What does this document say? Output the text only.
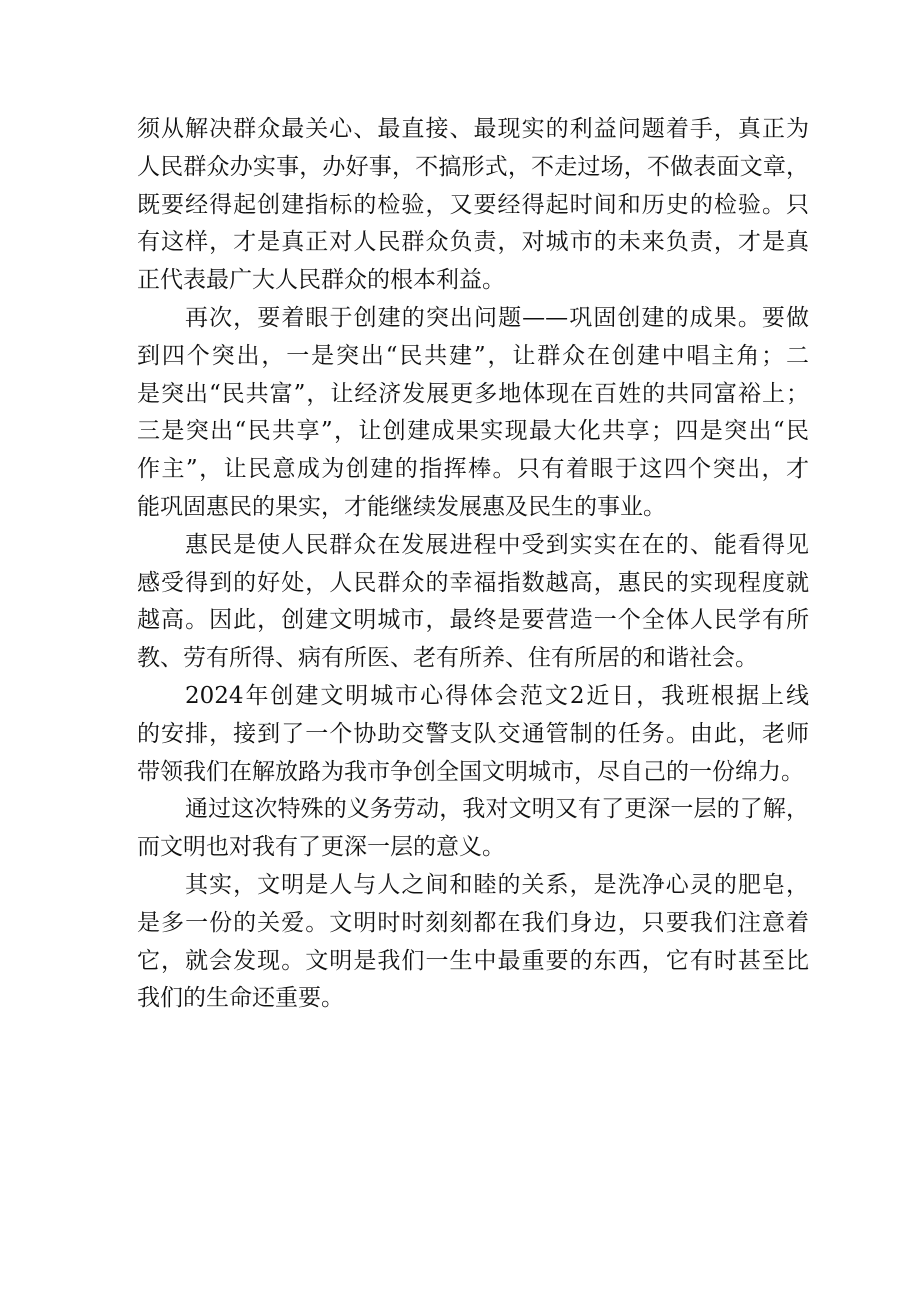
须从解决群众最关心、最直接、最现实的利益问题着手，真正为
人民群众办实事，办好事，不搞形式，不走过场，不做表面文章，
既要经得起创建指标的检验，又要经得起时间和历史的检验。只
有这样，才是真正对人民群众负责，对城市的未来负责，才是真
正代表最广大人民群众的根本利益。
再次，要着眼于创建的突出问题——巩固创建的成果。要做
到四个突出，一是突出“民共建”，让群众在创建中唱主角；二
是突出“民共富”，让经济发展更多地体现在百姓的共同富裕上；
三是突出“民共享”，让创建成果实现最大化共享；四是突出“民
作主”，让民意成为创建的指挥棒。只有着眼于这四个突出，才
能巩固惠民的果实，才能继续发展惠及民生的事业。
惠民是使人民群众在发展进程中受到实实在在的、能看得见
感受得到的好处，人民群众的幸福指数越高，惠民的实现程度就
越高。因此，创建文明城市，最终是要营造一个全体人民学有所
教、劳有所得、病有所医、老有所养、住有所居的和谐社会。
2024年创建文明城市心得体会范文2近日，我班根据上线
的安排，接到了一个协助交警支队交通管制的任务。由此，老师
带领我们在解放路为我市争创全国文明城市，尽自己的一份绵力。
通过这次特殊的义务劳动，我对文明又有了更深一层的了解，
而文明也对我有了更深一层的意义。
其实，文明是人与人之间和睦的关系，是洗净心灵的肥皂，
是多一份的关爱。文明时时刻刻都在我们身边，只要我们注意着
它，就会发现。文明是我们一生中最重要的东西，它有时甚至比
我们的生命还重要。
